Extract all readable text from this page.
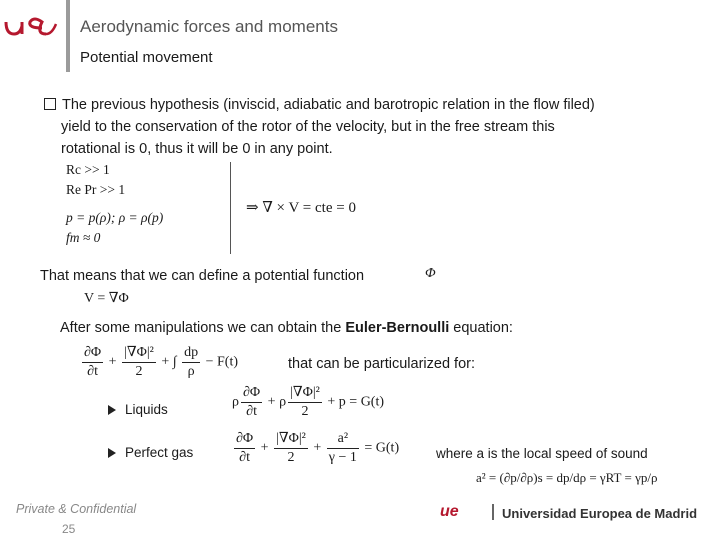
Aerodynamic forces and moments
Potential movement
The previous hypothesis (inviscid, adiabatic and barotropic relation in the flow filed)
yield to the conservation of the rotor of the velocity, but in the free stream this
rotational is 0, thus it will be 0 in any point.
Rc >> 1
Re Pr >> 1
p = p(ρ); ρ = ρ(p)
fm ≈ 0
⇒ ∇ × V = cte = 0
That means that we can define a potential function	Φ
V = ∇Φ
After some manipulations we can obtain the Euler-Bernoulli equation:
$\frac{\partial\Phi}{\partial t} + \frac{\text{|∇Φ|²}}{2}$ + ∫ $\frac{dp}{\rho} - F(t)$	that can be particularized for:
Liquids	ρ $\frac{\partial\Phi}{\partial t} + \rho \frac{\text{|∇Φ|²}}{2} + p = G(t)$
Perfect gas	$\frac{\partial\Phi}{\partial t} + \frac{\text{|∇Φ|²}}{2} + \frac{\text{a²}}{\gamma - 1} = G(t)$	where a is the local speed of sound
a² = (∂p/∂ρ)s = dp/dρ = γRT = γp/ρ
Private & Confidential
25
ue	Universidad Europea de Madrid
